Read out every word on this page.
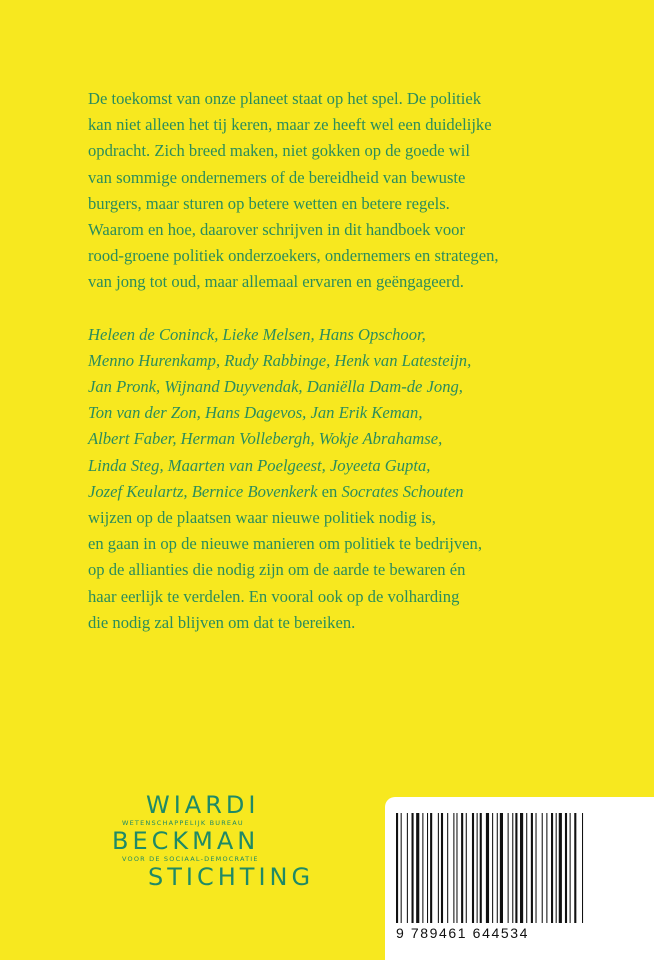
De toekomst van onze planeet staat op het spel. De politiek
kan niet alleen het tij keren, maar ze heeft wel een duidelijke
opdracht. Zich breed maken, niet gokken op de goede wil
van sommige ondernemers of de bereidheid van bewuste
burgers, maar sturen op betere wetten en betere regels.
Waarom en hoe, daarover schrijven in dit handboek voor
rood-groene politiek onderzoekers, ondernemers en strategen,
van jong tot oud, maar allemaal ervaren en geëngageerd.
Heleen de Coninck, Lieke Melsen, Hans Opschoor,
Menno Hurenkamp, Rudy Rabbinge, Henk van Latesteijn,
Jan Pronk, Wijnand Duyvendak, Daniëlla Dam-de Jong,
Ton van der Zon, Hans Dagevos, Jan Erik Keman,
Albert Faber, Herman Vollebergh, Wokje Abrahamse,
Linda Steg, Maarten van Poelgeest, Joyeeta Gupta,
Jozef Keulartz, Bernice Bovenkerk en Socrates Schouten
wijzen op de plaatsen waar nieuwe politiek nodig is,
en gaan in op de nieuwe manieren om politiek te bedrijven,
op de allianties die nodig zijn om de aarde te bewaren én
haar eerlijk te verdelen. En vooral ook op de volharding
die nodig zal blijven om dat te bereiken.
WIARDI
WETENSCHAPPELIJK BUREAU
BECKMAN
VOOR DE SOCIAAL-DEMOCRATIE
STICHTING
9 789461 644534
